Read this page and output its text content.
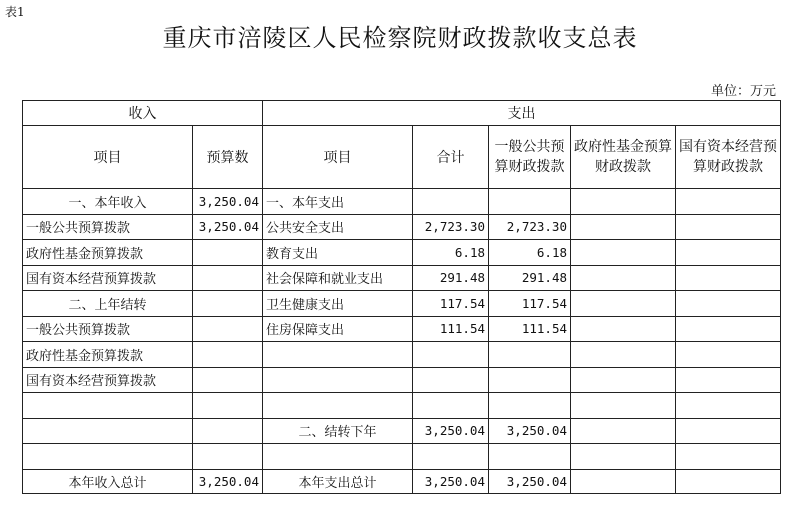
表1
重庆市涪陵区人民检察院财政拨款收支总表
单位：万元
收入		支出				
项目	预算数	项目	合计	一般公共预算财政拨款	政府性基金预算财政拨款	国有资本经营预算财政拨款
一、本年收入	3,250.04	一、本年支出				
一般公共预算拨款	3,250.04	公共安全支出	2,723.30	2,723.30		
政府性基金预算拨款		教育支出	6.18	6.18		
国有资本经营预算拨款		社会保障和就业支出	291.48	291.48		
二、上年结转		卫生健康支出	117.54	117.54		
一般公共预算拨款		住房保障支出	111.54	111.54		
政府性基金预算拨款						
国有资本经营预算拨款						

		二、结转下年	3,250.04	3,250.04		

本年收入总计	3,250.04	本年支出总计	3,250.04	3,250.04		
